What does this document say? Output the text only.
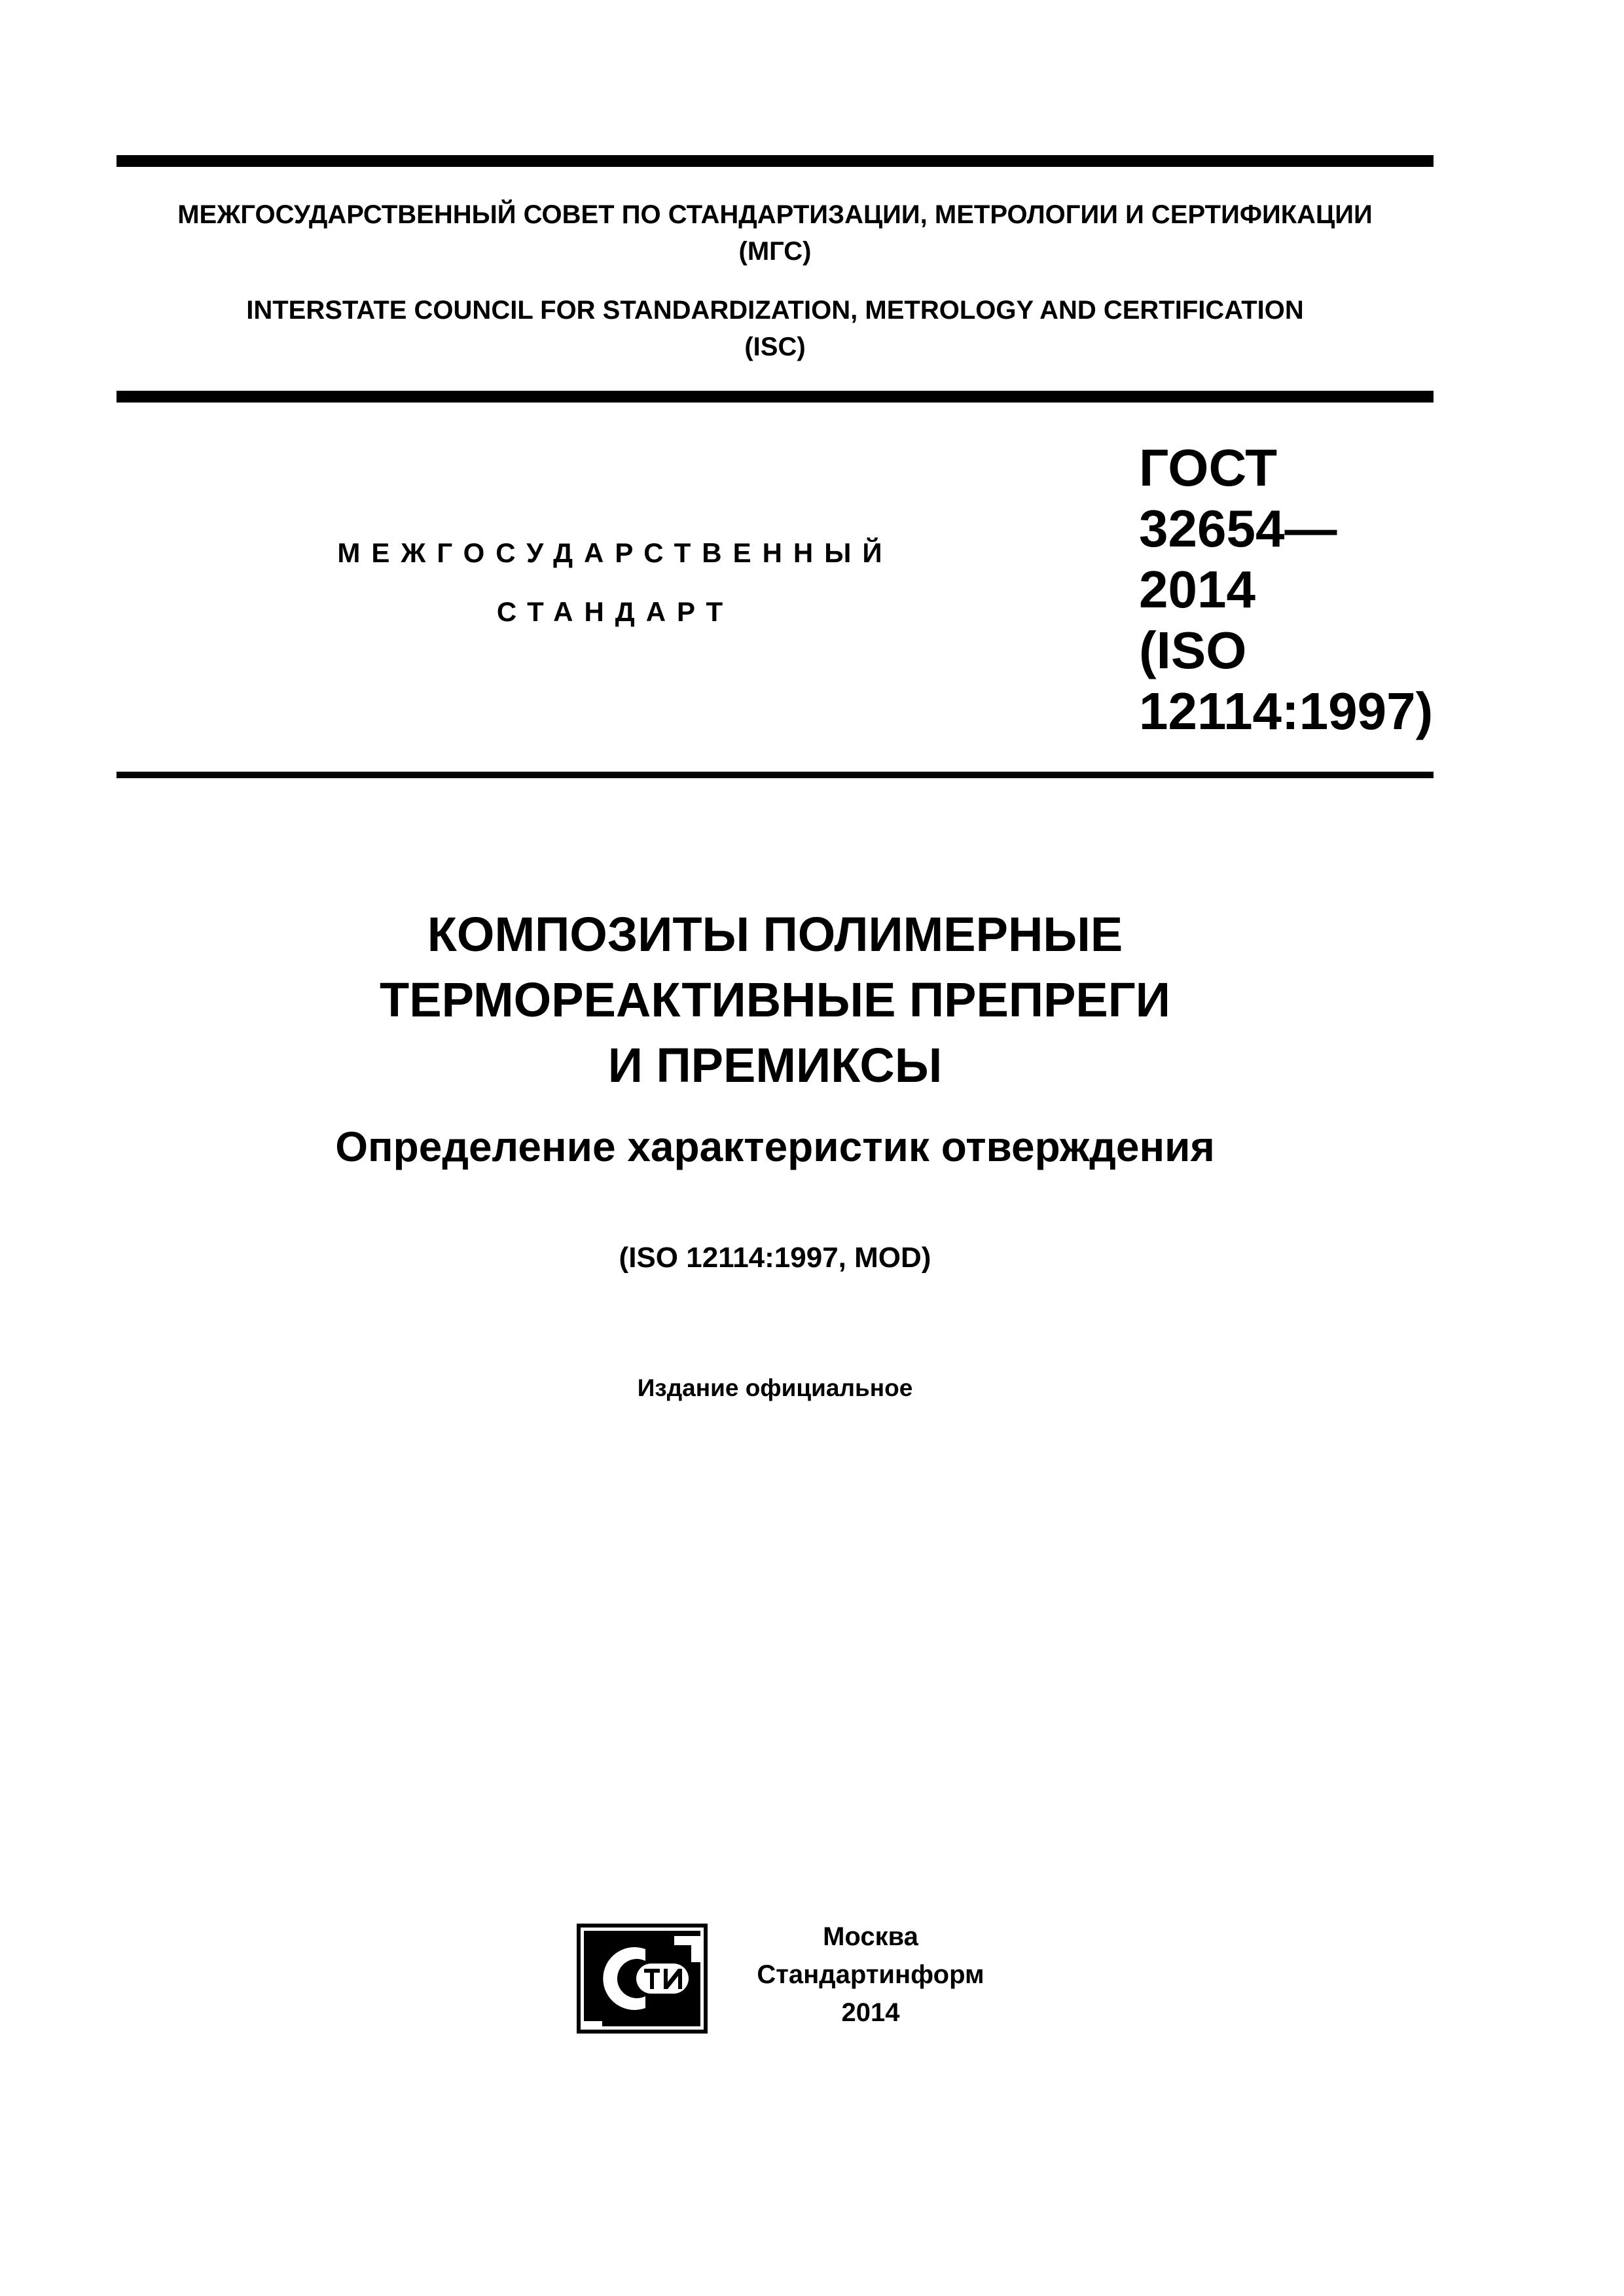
МЕЖГОСУДАРСТВЕННЫЙ СОВЕТ ПО СТАНДАРТИЗАЦИИ, МЕТРОЛОГИИ И СЕРТИФИКАЦИИ
(МГС)
INTERSTATE COUNCIL FOR STANDARDIZATION, METROLOGY AND CERTIFICATION
(ISC)
МЕЖГОСУДАРСТВЕННЫЙ
СТАНДАРТ
ГОСТ
32654—
2014
(ISO
12114:1997)
КОМПОЗИТЫ ПОЛИМЕРНЫЕ
ТЕРМОРЕАКТИВНЫЕ ПРЕПРЕГИ
И ПРЕМИКСЫ
Определение характеристик отверждения
(ISO 12114:1997, MOD)
Издание официальное
Москва
Стандартинформ
2014
